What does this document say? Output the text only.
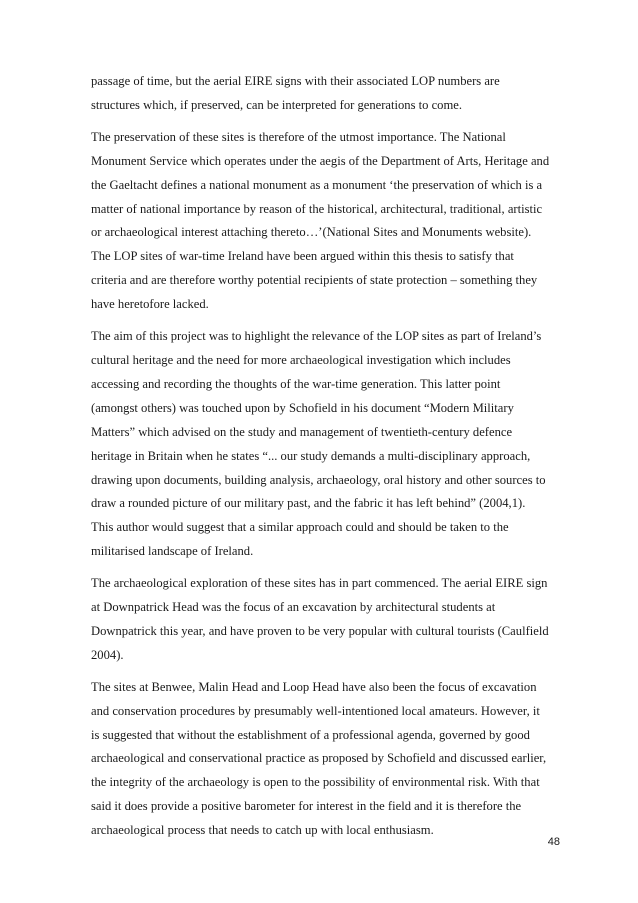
passage of time, but the aerial EIRE signs with their associated LOP numbers are
structures which, if preserved, can be interpreted for generations to come.

The preservation of these sites is therefore of the utmost importance. The National
Monument Service which operates under the aegis of the Department of Arts, Heritage and
the Gaeltacht defines a national monument as a monument ‘the preservation of which is a
matter of national importance by reason of the historical, architectural, traditional, artistic
or archaeological interest attaching thereto…’(National Sites and Monuments website).
The LOP sites of war-time Ireland have been argued within this thesis to satisfy that
criteria and are therefore worthy potential recipients of state protection – something they
have heretofore lacked.

The aim of this project was to highlight the relevance of the LOP sites as part of Ireland’s
cultural heritage and the need for more archaeological investigation which includes
accessing and recording the thoughts of the war-time generation. This latter point
(amongst others) was touched upon by Schofield in his document “Modern Military
Matters” which advised on the study and management of twentieth-century defence
heritage in Britain when he states “... our study demands a multi-disciplinary approach,
drawing upon documents, building analysis, archaeology, oral history and other sources to
draw a rounded picture of our military past, and the fabric it has left behind” (2004,1).
This author would suggest that a similar approach could and should be taken to the
militarised landscape of Ireland.

The archaeological exploration of these sites has in part commenced. The aerial EIRE sign
at Downpatrick Head was the focus of an excavation by architectural students at
Downpatrick this year, and have proven to be very popular with cultural tourists (Caulfield
2004).

The sites at Benwee, Malin Head and Loop Head have also been the focus of excavation
and conservation procedures by presumably well-intentioned local amateurs. However, it
is suggested that without the establishment of a professional agenda, governed by good
archaeological and conservational practice as proposed by Schofield and discussed earlier,
the integrity of the archaeology is open to the possibility of environmental risk. With that
said it does provide a positive barometer for interest in the field and it is therefore the
archaeological process that needs to catch up with local enthusiasm.

48
